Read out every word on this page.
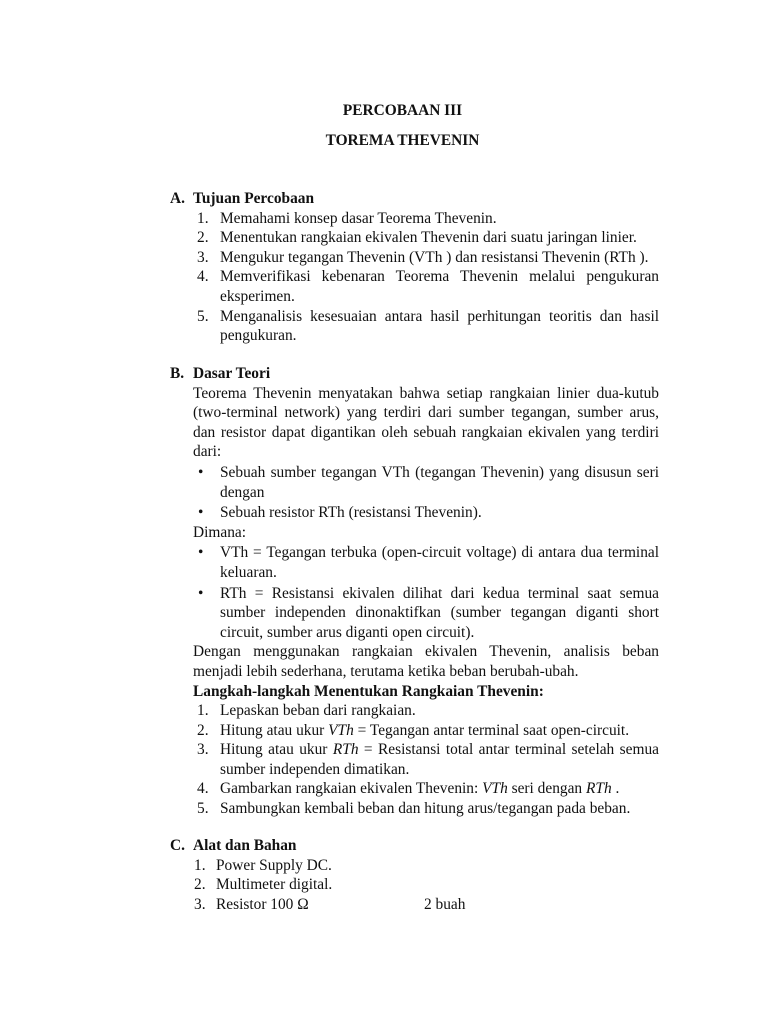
PERCOBAAN III
TOREMA THEVENIN
A. Tujuan Percobaan
1. Memahami konsep dasar Teorema Thevenin.
2. Menentukan rangkaian ekivalen Thevenin dari suatu jaringan linier.
3. Mengukur tegangan Thevenin (VTh ) dan resistansi Thevenin (RTh ).
4. Memverifikasi kebenaran Teorema Thevenin melalui pengukuran eksperimen.
5. Menganalisis kesesuaian antara hasil perhitungan teoritis dan hasil pengukuran.
B. Dasar Teori
Teorema Thevenin menyatakan bahwa setiap rangkaian linier dua-kutub (two-terminal network) yang terdiri dari sumber tegangan, sumber arus, dan resistor dapat digantikan oleh sebuah rangkaian ekivalen yang terdiri dari:
• Sebuah sumber tegangan VTh (tegangan Thevenin) yang disusun seri dengan
• Sebuah resistor RTh (resistansi Thevenin).
Dimana:
• VTh = Tegangan terbuka (open-circuit voltage) di antara dua terminal keluaran.
• RTh = Resistansi ekivalen dilihat dari kedua terminal saat semua sumber independen dinonaktifkan (sumber tegangan diganti short circuit, sumber arus diganti open circuit).
Dengan menggunakan rangkaian ekivalen Thevenin, analisis beban menjadi lebih sederhana, terutama ketika beban berubah-ubah.
Langkah-langkah Menentukan Rangkaian Thevenin:
1. Lepaskan beban dari rangkaian.
2. Hitung atau ukur VTh = Tegangan antar terminal saat open-circuit.
3. Hitung atau ukur RTh = Resistansi total antar terminal setelah semua sumber independen dimatikan.
4. Gambarkan rangkaian ekivalen Thevenin: VTh seri dengan RTh .
5. Sambungkan kembali beban dan hitung arus/tegangan pada beban.
C. Alat dan Bahan
1. Power Supply DC.
2. Multimeter digital.
3. Resistor 100 Ω	2 buah
